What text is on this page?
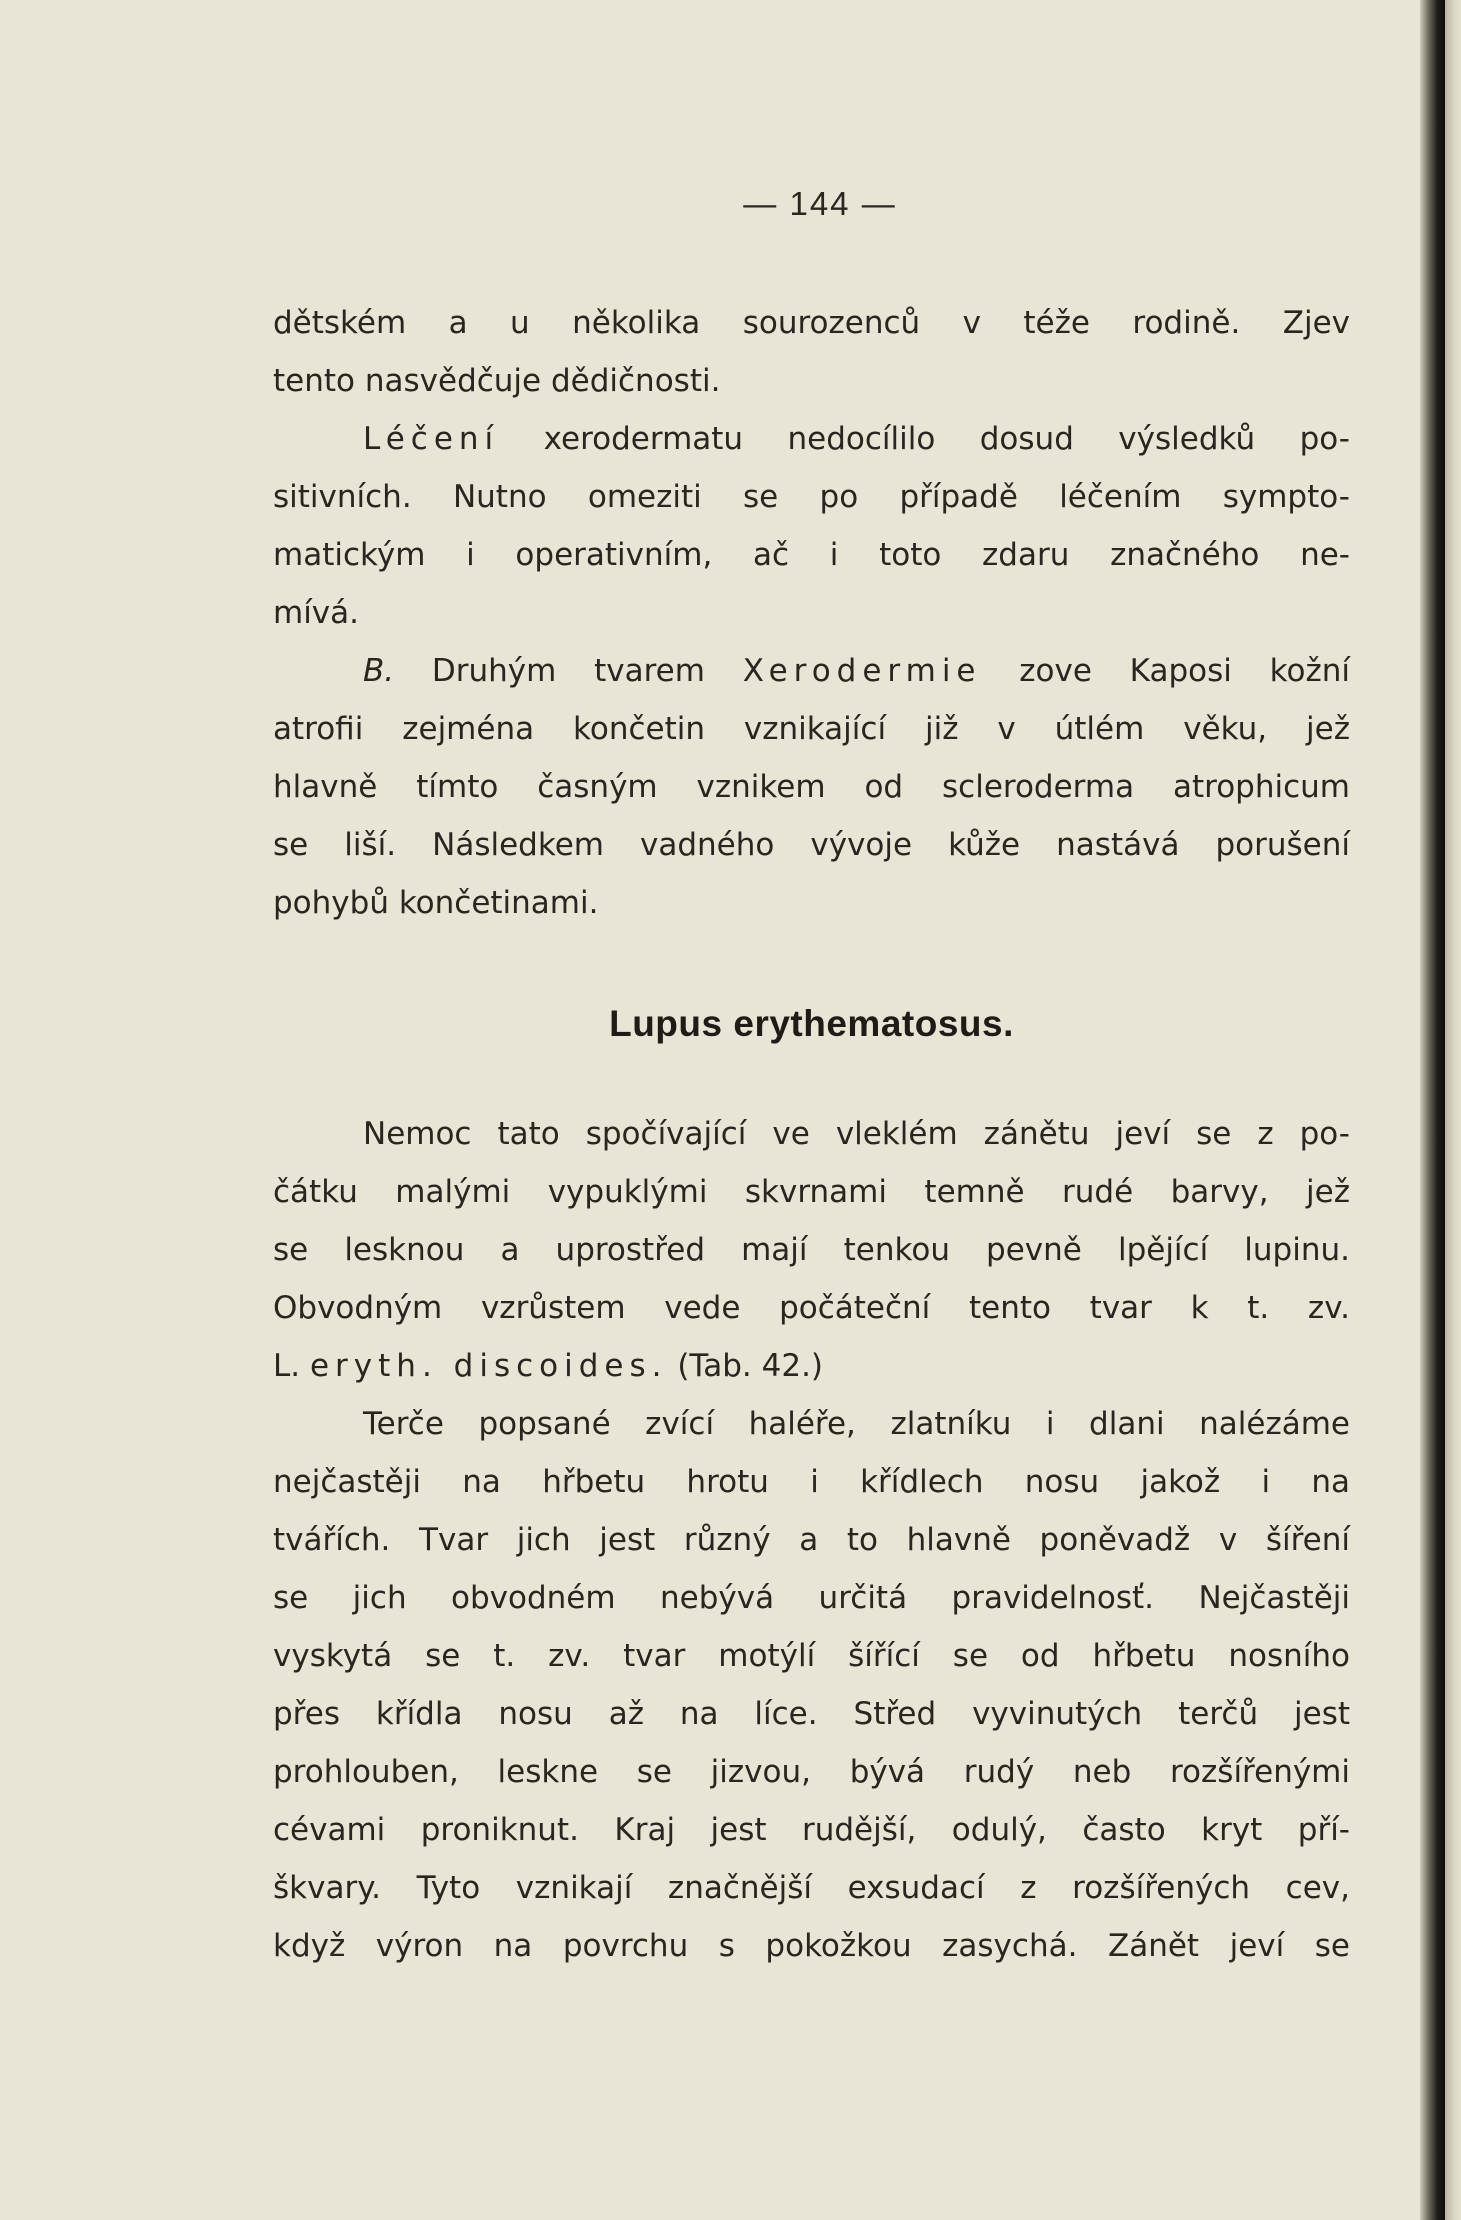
— 144 —
dětském a u několika sourozenců v téže rodině. Zjev
tento nasvědčuje dědičnosti.
Léčení xerodermatu nedocílilo dosud výsledků po-
sitivních. Nutno omeziti se po případě léčením sympto-
matickým i operativním, ač i toto zdaru značného ne-
mívá.
B. Druhým tvarem Xerodermie zove Kaposi kožní
atrofii zejména končetin vznikající již v útlém věku, jež
hlavně tímto časným vznikem od scleroderma atrophicum
se liší. Následkem vadného vývoje kůže nastává porušení
pohybů končetinami.
Lupus erythematosus.
Nemoc tato spočívající ve vleklém zánětu jeví se z po-
čátku malými vypuklými skvrnami temně rudé barvy, jež
se lesknou a uprostřed mají tenkou pevně lpějící lupinu.
Obvodným vzrůstem vede počáteční tento tvar k t. zv.
L. eryth. discoides. (Tab. 42.)
Terče popsané zvící haléře, zlatníku i dlani nalézáme
nejčastěji na hřbetu hrotu i křídlech nosu jakož i na
tvářích. Tvar jich jest různý a to hlavně poněvadž v šíření
se jich obvodném nebývá určitá pravidelnosť. Nejčastěji
vyskytá se t. zv. tvar motýlí šířící se od hřbetu nosního
přes křídla nosu až na líce. Střed vyvinutých terčů jest
prohlouben, leskne se jizvou, bývá rudý neb rozšířenými
cévami proniknut. Kraj jest rudější, odulý, často kryt pří-
škvary. Tyto vznikají značnější exsudací z rozšířených cev,
když výron na povrchu s pokožkou zasychá. Zánět jeví se
